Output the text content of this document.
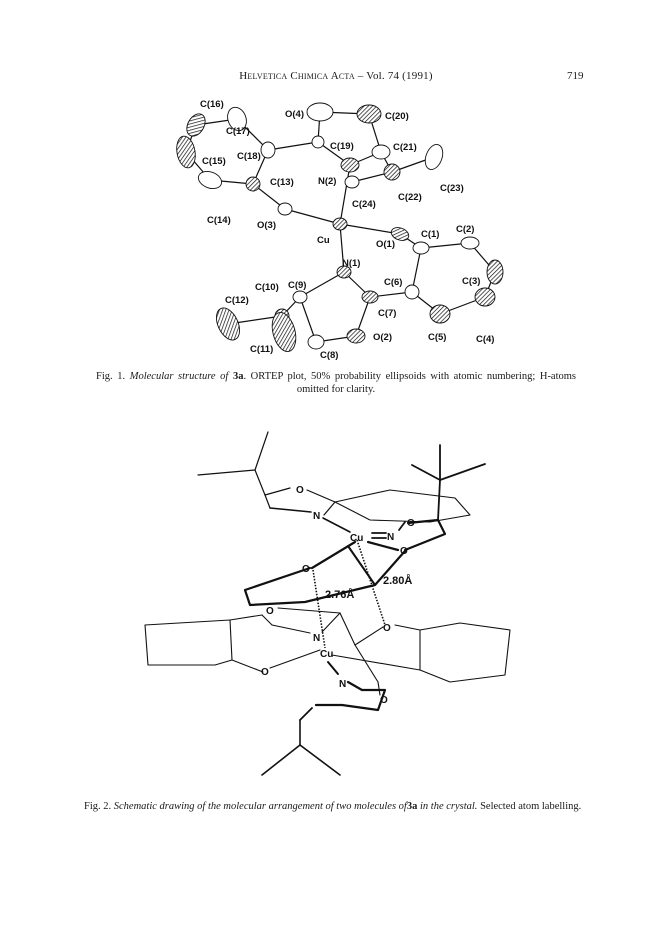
Helvetica Chimica Acta – Vol. 74 (1991)	719
C(16)
C(17)
C(15) C(18)
O(4)	C(20)
C(19)	C(21)
N(2)
C(13)
C(22)
C(23)
C(14)
C(24)
O(3)
Cu	O(1)
C(1) C(2)
N(1)
C(10) C(9)	C(6)	C(3)
C(12)
C(7)
C(11)
O(2)	C(5)	C(4)
C(8)
Fig. 1. Molecular structure of 3a. ORTEP plot, 50% probability ellipsoids with atomic numbering; H-atoms omitted for clarity.
O
N
Cu N
O
O
O
O
N
Cu
O
O
N
O
2.76Å
2.80Å
Fig. 2. Schematic drawing of the molecular arrangement of two molecules of3a in the crystal. Selected atom labelling.
